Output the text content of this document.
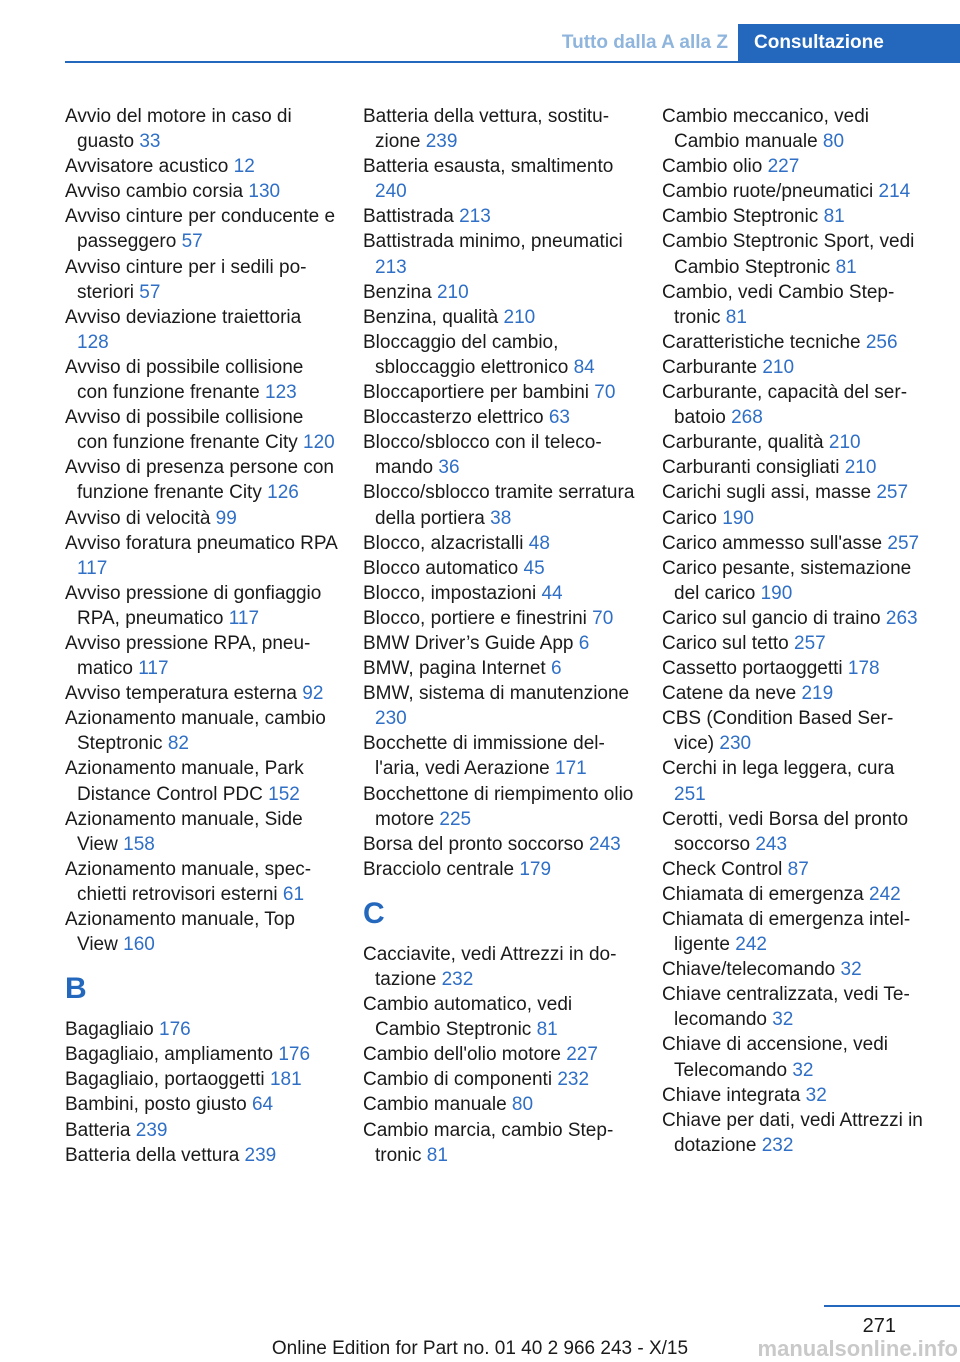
Tutto dalla A alla Z	Consultazione

Avvio del motore in caso di guasto 33

Avvisatore acustico 12

Avviso cambio corsia 130

Avviso cinture per conducente e passeggero 57

Avviso cinture per i sedili posteriori 57

Avviso deviazione traiettoria 128

Avviso di possibile collisione con funzione frenante 123

Avviso di possibile collisione con funzione frenante City 120

Avviso di presenza persone con funzione frenante City 126

Avviso di velocità 99

Avviso foratura pneumatico RPA 117

Avviso pressione di gonfiaggio RPA, pneumatico 117

Avviso pressione RPA, pneumatico 117

Avviso temperatura esterna 92

Azionamento manuale, cambio Steptronic 82

Azionamento manuale, Park Distance Control PDC 152

Azionamento manuale, Side View 158

Azionamento manuale, specchietti retrovisori esterni 61

Azionamento manuale, Top View 160

B

Bagagliaio 176

Bagagliaio, ampliamento 176

Bagagliaio, portaoggetti 181

Bambini, posto giusto 64

Batteria 239

Batteria della vettura 239

Batteria della vettura, sostituzione 239

Batteria esausta, smaltimento 240

Battistrada 213

Battistrada minimo, pneumatici 213

Benzina 210

Benzina, qualità 210

Bloccaggio del cambio, sbloccaggio elettronico 84

Bloccaportiere per bambini 70

Bloccasterzo elettrico 63

Blocco/sblocco con il telecomando 36

Blocco/sblocco tramite serratura della portiera 38

Blocco, alzacristalli 48

Blocco automatico 45

Blocco, impostazioni 44

Blocco, portiere e finestrini 70

BMW Driver’s Guide App 6

BMW, pagina Internet 6

BMW, sistema di manutenzione 230

Bocchette di immissione dell'aria, vedi Aerazione 171

Bocchettone di riempimento olio motore 225

Borsa del pronto soccorso 243

Bracciolo centrale 179

C

Cacciavite, vedi Attrezzi in dotazione 232

Cambio automatico, vedi Cambio Steptronic 81

Cambio dell'olio motore 227

Cambio di componenti 232

Cambio manuale 80

Cambio marcia, cambio Steptronic 81

Cambio meccanico, vedi Cambio manuale 80

Cambio olio 227

Cambio ruote/pneumatici 214

Cambio Steptronic 81

Cambio Steptronic Sport, vedi Cambio Steptronic 81

Cambio, vedi Cambio Steptronic 81

Caratteristiche tecniche 256

Carburante 210

Carburante, capacità del serbatoio 268

Carburante, qualità 210

Carburanti consigliati 210

Carichi sugli assi, masse 257

Carico 190

Carico ammesso sull'asse 257

Carico pesante, sistemazione del carico 190

Carico sul gancio di traino 263

Carico sul tetto 257

Cassetto portaoggetti 178

Catene da neve 219

CBS (Condition Based Service) 230

Cerchi in lega leggera, cura 251

Cerotti, vedi Borsa del pronto soccorso 243

Check Control 87

Chiamata di emergenza 242

Chiamata di emergenza intelligente 242

Chiave/telecomando 32

Chiave centralizzata, vedi Telecomando 32

Chiave di accensione, vedi Telecomando 32

Chiave integrata 32

Chiave per dati, vedi Attrezzi in dotazione 232

271
Online Edition for Part no. 01 40 2 966 243 - X/15	manualsonline.info
